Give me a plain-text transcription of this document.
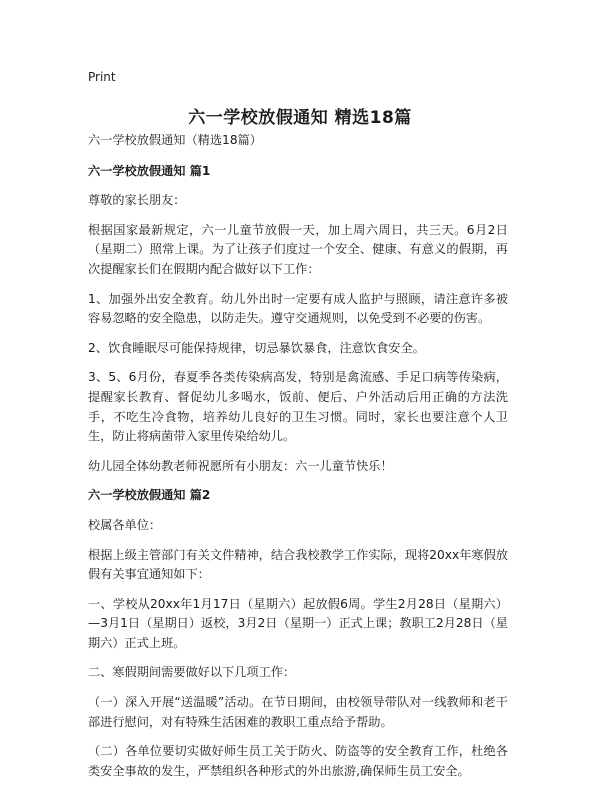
Print
六一学校放假通知 精选18篇

六一学校放假通知（精选18篇）

六一学校放假通知 篇1

尊敬的家长朋友：

根据国家最新规定，六一儿童节放假一天，加上周六周日，共三天。6月2日（星期二）照常上课。为了让孩子们度过一个安全、健康、有意义的假期，再次提醒家长们在假期内配合做好以下工作：

1、加强外出安全教育。幼儿外出时一定要有成人监护与照顾，请注意许多被容易忽略的安全隐患，以防走失。遵守交通规则，以免受到不必要的伤害。

2、饮食睡眠尽可能保持规律，切忌暴饮暴食，注意饮食安全。

3、5、6月份，春夏季各类传染病高发，特别是禽流感、手足口病等传染病，提醒家长教育、督促幼儿多喝水，饭前、便后、户外活动后用正确的方法洗手，不吃生冷食物，培养幼儿良好的卫生习惯。同时，家长也要注意个人卫生，防止将病菌带入家里传染给幼儿。

幼儿园全体幼教老师祝愿所有小朋友：六一儿童节快乐！

六一学校放假通知 篇2

校属各单位：

根据上级主管部门有关文件精神，结合我校教学工作实际，现将20xx年寒假放假有关事宜通知如下：

一、学校从20xx年1月17日（星期六）起放假6周。学生2月28日（星期六）—3月1日（星期日）返校，3月2日（星期一）正式上课；教职工2月28日（星期六）正式上班。

二、寒假期间需要做好以下几项工作：

（一）深入开展“送温暖”活动。在节日期间，由校领导带队对一线教师和老干部进行慰问，对有特殊生活困难的教职工重点给予帮助。

（二）各单位要切实做好师生员工关于防火、防盗等的安全教育工作，杜绝各类安全事故的发生，严禁组织各种形式的外出旅游,确保师生员工安全。
